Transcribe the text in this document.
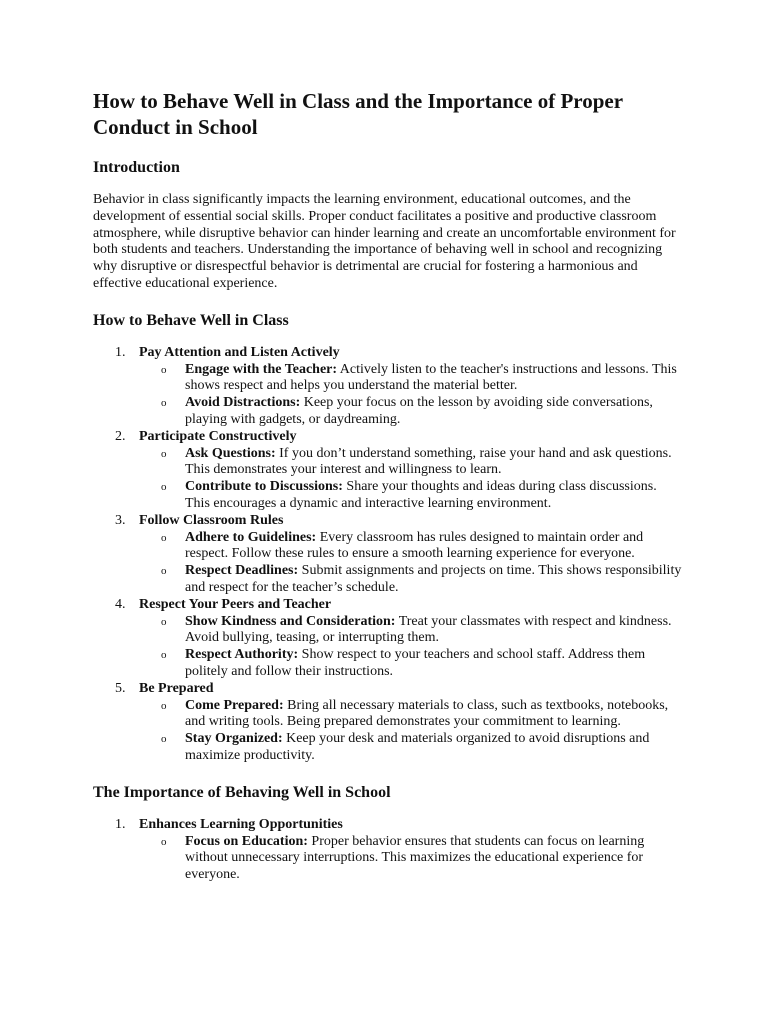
How to Behave Well in Class and the Importance of Proper Conduct in School
Introduction

Behavior in class significantly impacts the learning environment, educational outcomes, and the development of essential social skills. Proper conduct facilitates a positive and productive classroom atmosphere, while disruptive behavior can hinder learning and create an uncomfortable environment for both students and teachers. Understanding the importance of behaving well in school and recognizing why disruptive or disrespectful behavior is detrimental are crucial for fostering a harmonious and effective educational experience.

How to Behave Well in Class
1. Pay Attention and Listen Actively
o Engage with the Teacher: Actively listen to the teacher's instructions and lessons. This shows respect and helps you understand the material better.
o Avoid Distractions: Keep your focus on the lesson by avoiding side conversations, playing with gadgets, or daydreaming.
2. Participate Constructively
o Ask Questions: If you don’t understand something, raise your hand and ask questions. This demonstrates your interest and willingness to learn.
o Contribute to Discussions: Share your thoughts and ideas during class discussions. This encourages a dynamic and interactive learning environment.
3. Follow Classroom Rules
o Adhere to Guidelines: Every classroom has rules designed to maintain order and respect. Follow these rules to ensure a smooth learning experience for everyone.
o Respect Deadlines: Submit assignments and projects on time. This shows responsibility and respect for the teacher’s schedule.
4. Respect Your Peers and Teacher
o Show Kindness and Consideration: Treat your classmates with respect and kindness. Avoid bullying, teasing, or interrupting them.
o Respect Authority: Show respect to your teachers and school staff. Address them politely and follow their instructions.
5. Be Prepared
o Come Prepared: Bring all necessary materials to class, such as textbooks, notebooks, and writing tools. Being prepared demonstrates your commitment to learning.
o Stay Organized: Keep your desk and materials organized to avoid disruptions and maximize productivity.
The Importance of Behaving Well in School
1. Enhances Learning Opportunities
o Focus on Education: Proper behavior ensures that students can focus on learning without unnecessary interruptions. This maximizes the educational experience for everyone.
